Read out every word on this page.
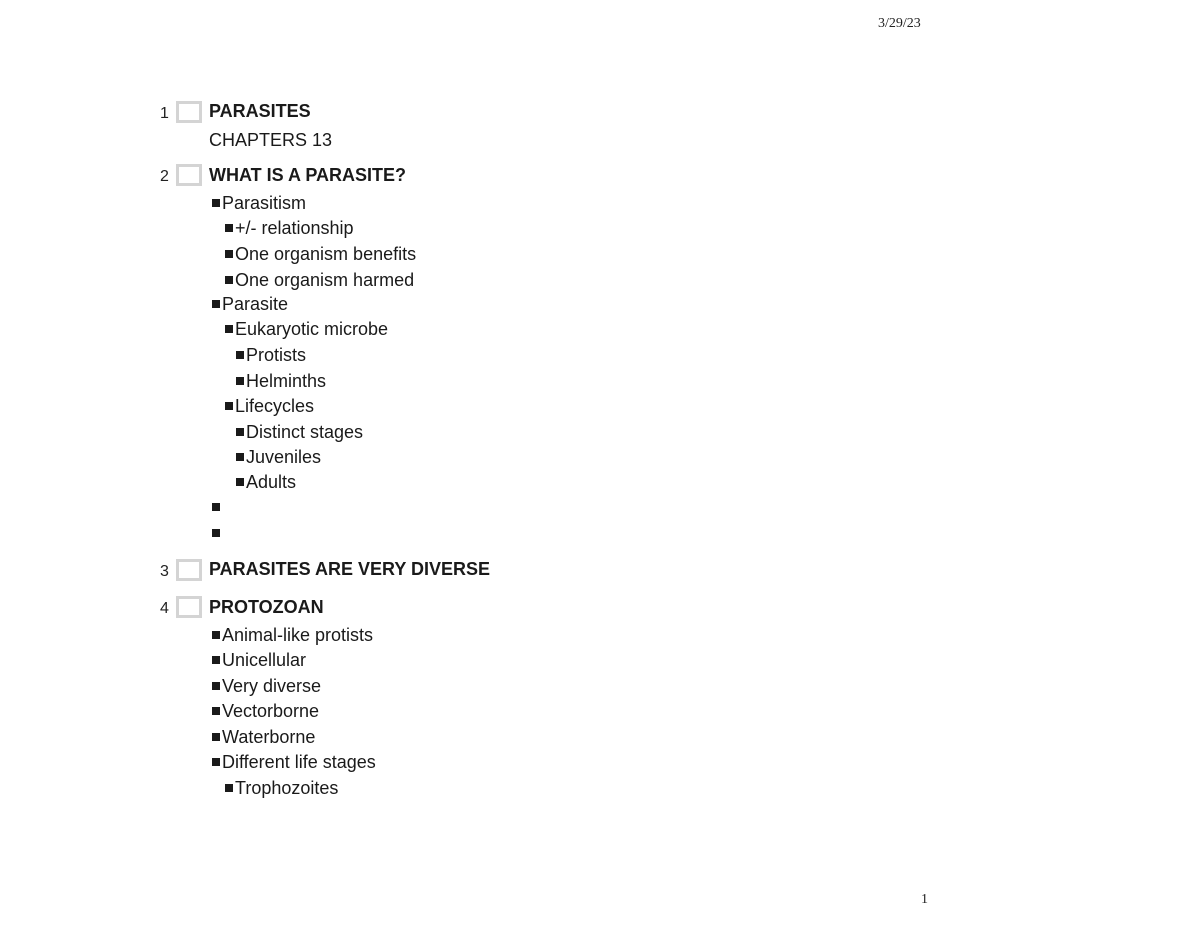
3/29/23
1 PARASITES
CHAPTERS 13
2 WHAT IS A PARASITE?
Parasitism
+/- relationship
One organism benefits
One organism harmed
Parasite
Eukaryotic microbe
Protists
Helminths
Lifecycles
Distinct stages
Juveniles
Adults
3 PARASITES ARE VERY DIVERSE
4 PROTOZOAN
Animal-like protists
Unicellular
Very diverse
Vectorborne
Waterborne
Different life stages
Trophozoites
1
